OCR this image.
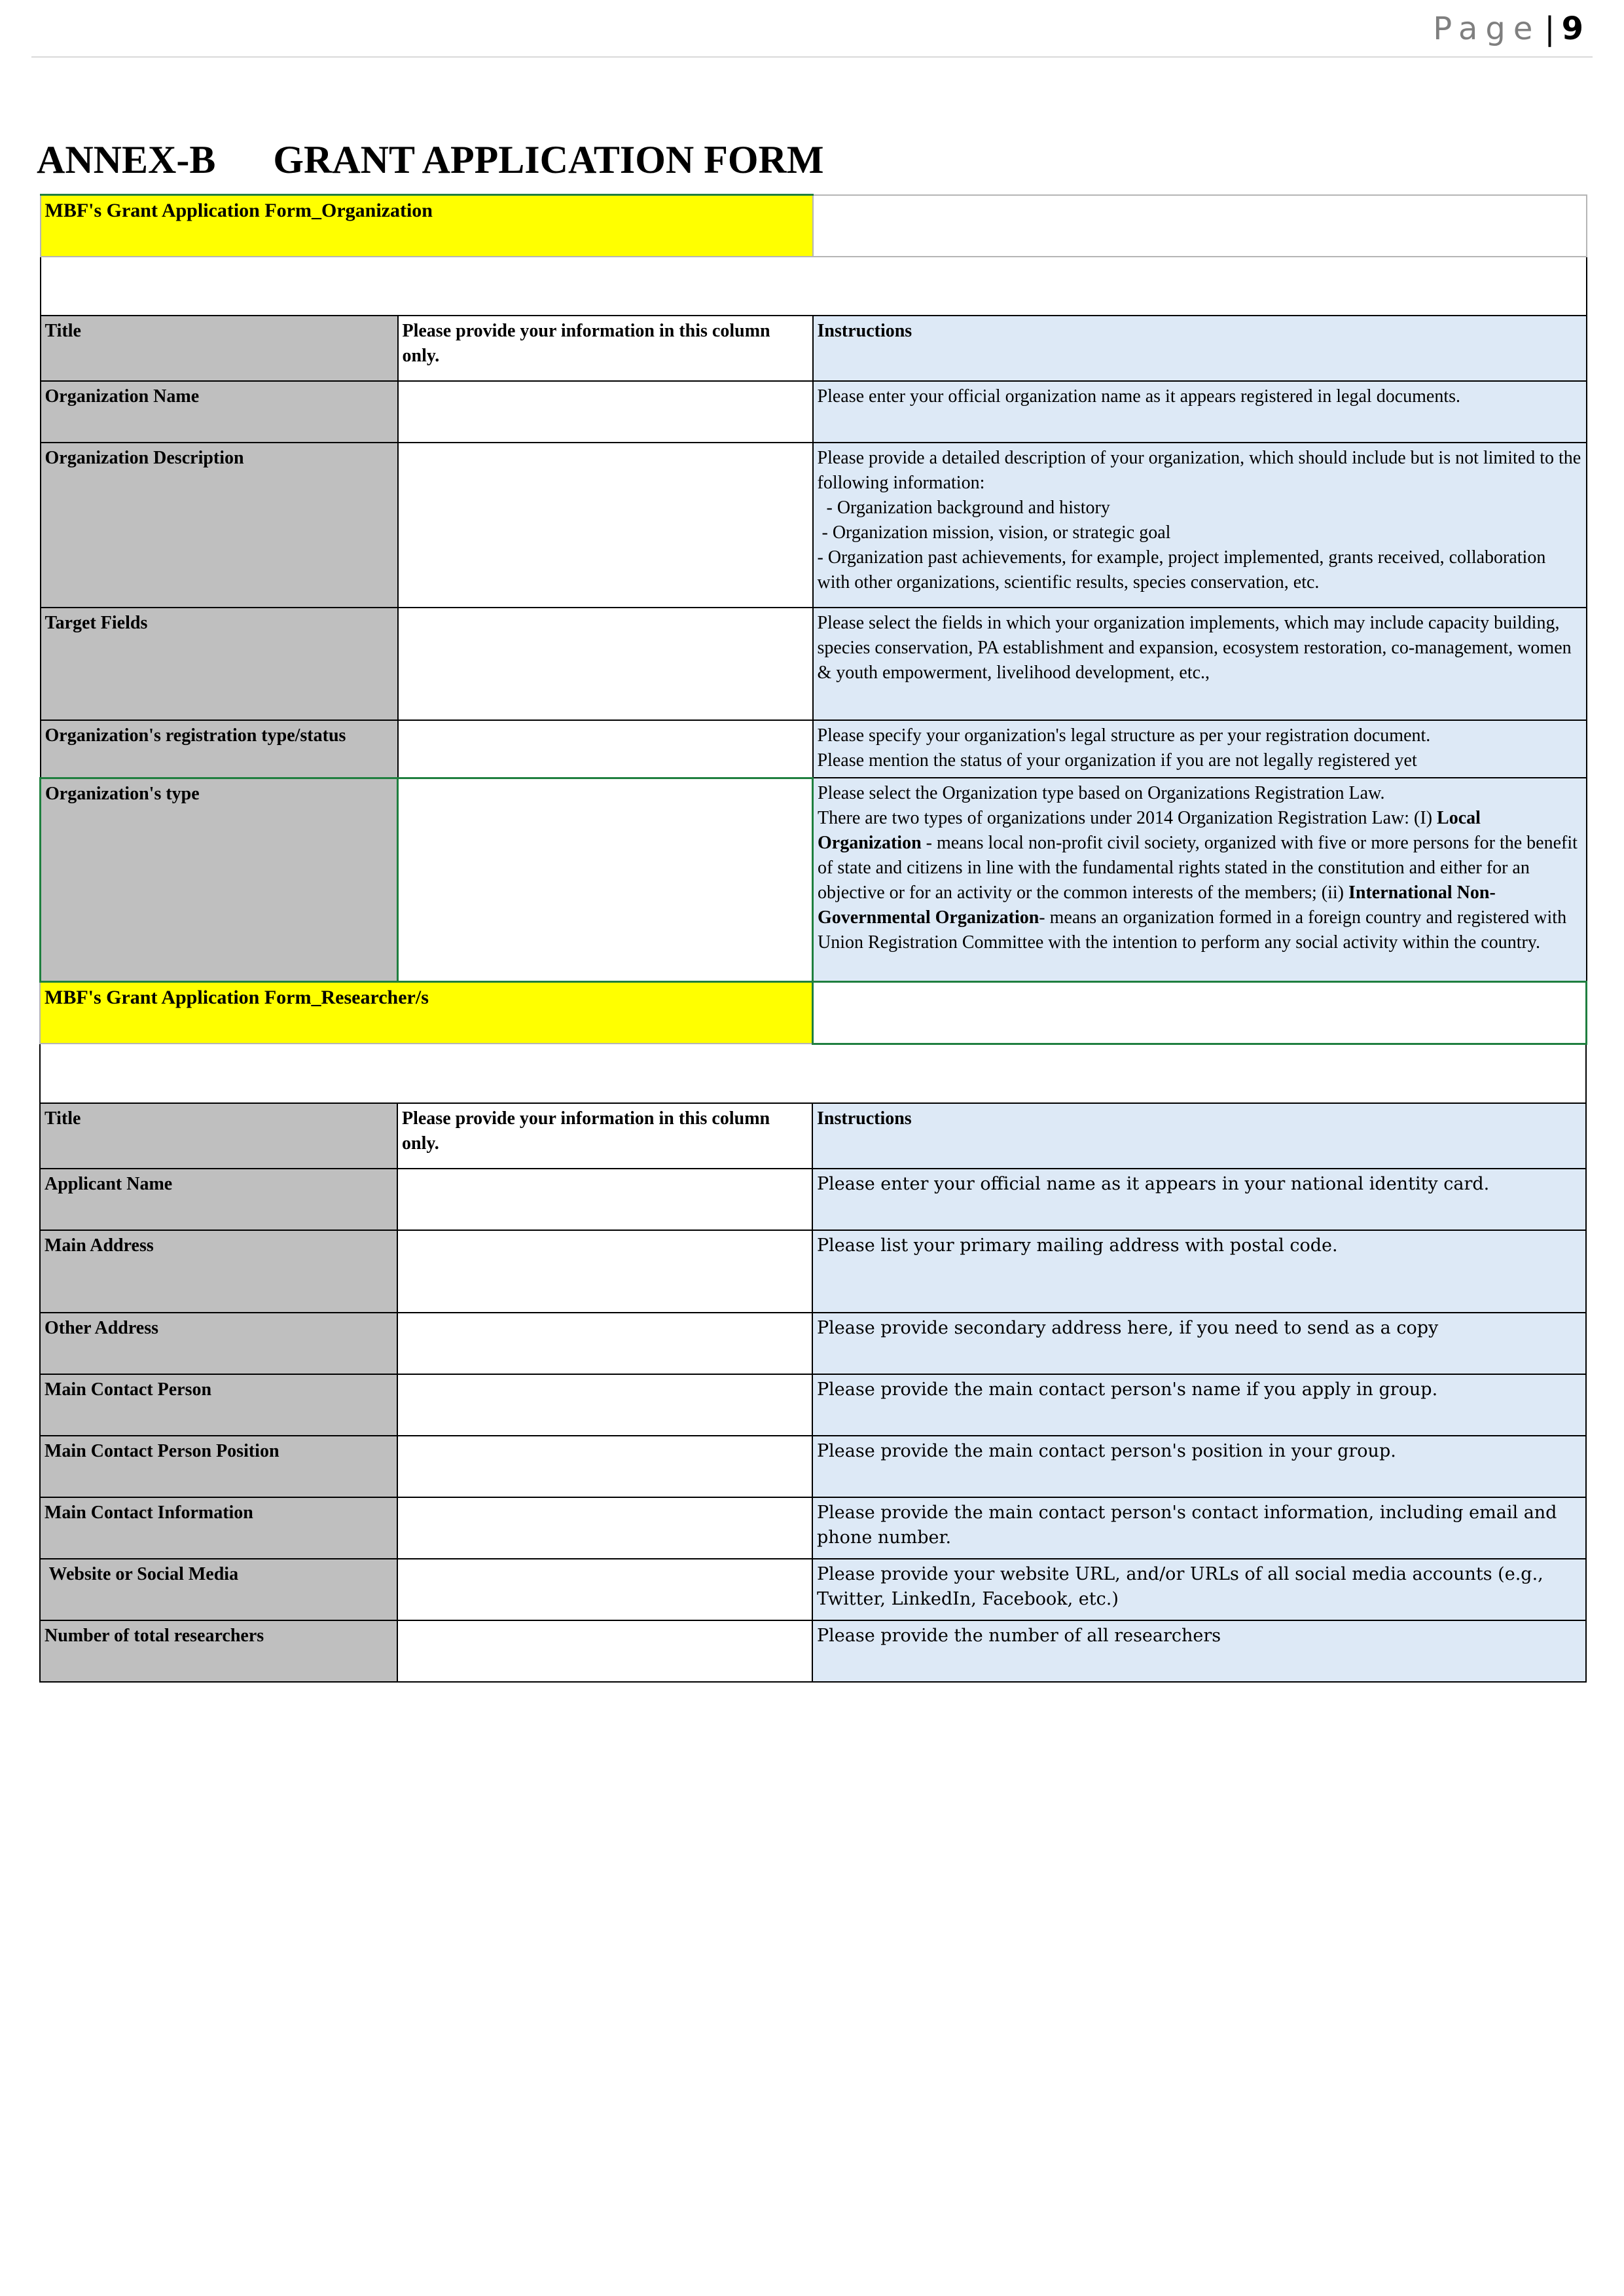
Page | 9
ANNEX-B GRANT APPLICATION FORM
MBF's Grant Application Form_Organization		

Title	Please provide your information in this column only.	Instructions
Organization Name		Please enter your official organization name as it appears registered in legal documents.

Organization Description		Please provide a detailed description of your organization, which should include but is not limited to the following information:
- Organization background and history
- Organization mission, vision, or strategic goal
- Organization past achievements, for example, project implemented, grants received, collaboration with other organizations, scientific results, species conservation, etc.

Target Fields		Please select the fields in which your organization implements, which may include capacity building, species conservation, PA establishment and expansion, ecosystem restoration, co-management, women & youth empowerment, livelihood development, etc.,

Organization's registration type/status		Please specify your organization's legal structure as per your registration document.
Please mention the status of your organization if you are not legally registered yet

Organization's type		Please select the Organization type based on Organizations Registration Law.
There are two types of organizations under 2014 Organization Registration Law: (I) Local Organization - means local non-profit civil society, organized with five or more persons for the benefit of state and citizens in line with the fundamental rights stated in the constitution and either for an objective or for an activity or the common interests of the members; (ii) International Non-Governmental Organization- means an organization formed in a foreign country and registered with Union Registration Committee with the intention to perform any social activity within the country.
MBF's Grant Application Form_Researcher/s		

Title	Please provide your information in this column only.	Instructions
Applicant Name		Please enter your official name as it appears in your national identity card.
Main Address		Please list your primary mailing address with postal code.
Other Address		Please provide secondary address here, if you need to send as a copy
Main Contact Person		Please provide the main contact person's name if you apply in group.
Main Contact Person Position		Please provide the main contact person's position in your group.
Main Contact Information		Please provide the main contact person's contact information, including email and phone number.
Website or Social Media		Please provide your website URL, and/or URLs of all social media accounts (e.g., Twitter, LinkedIn, Facebook, etc.)
Number of total researchers		Please provide the number of all researchers
